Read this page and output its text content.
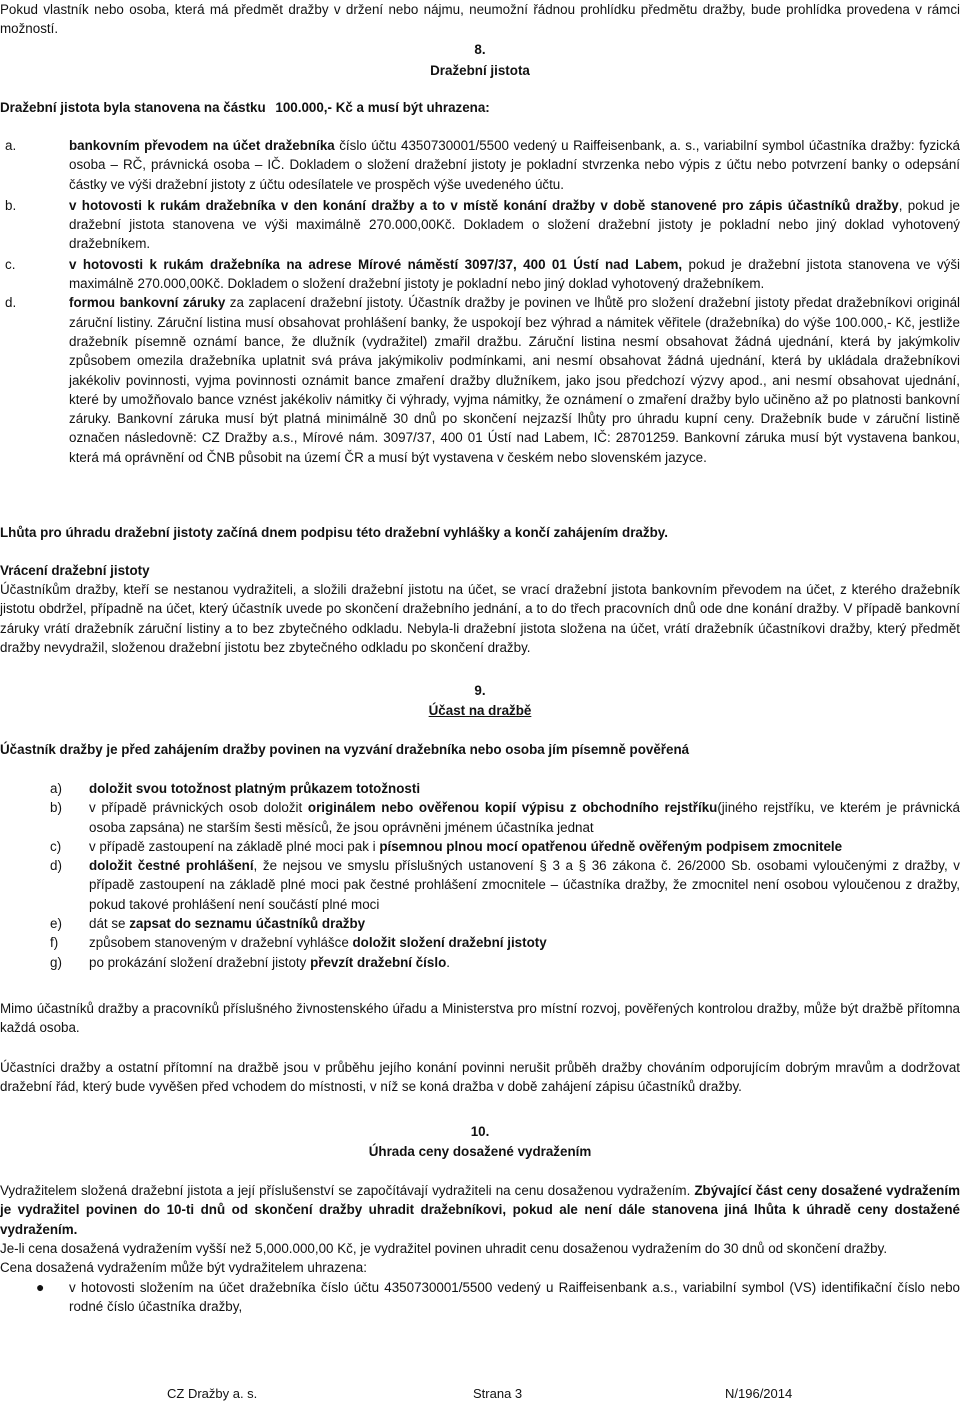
Pokud vlastník nebo osoba, která má předmět dražby v držení nebo nájmu, neumožní řádnou prohlídku předmětu dražby, bude prohlídka provedena v rámci možností.
8.
Dražební jistota
Dražební jistota byla stanovena na částku 100.000,- Kč a musí být uhrazena:
a.	bankovním převodem na účet dražebníka číslo účtu 4350730001/5500 vedený u Raiffeisenbank, a. s., variabilní symbol účastníka dražby: fyzická osoba – RČ, právnická osoba – IČ. Dokladem o složení dražební jistoty je pokladní stvrzenka nebo výpis z účtu nebo potvrzení banky o odepsání částky ve výši dražební jistoty z účtu odesílatele ve prospěch výše uvedeného účtu.
b.	v hotovosti k rukám dražebníka v den konání dražby a to v místě konání dražby v době stanovené pro zápis účastníků dražby, pokud je dražební jistota stanovena ve výši maximálně 270.000,00Kč. Dokladem o složení dražební jistoty je pokladní nebo jiný doklad vyhotovený dražebníkem.
c.	v hotovosti k rukám dražebníka na adrese Mírové náměstí 3097/37, 400 01 Ústí nad Labem, pokud je dražební jistota stanovena ve výši maximálně 270.000,00Kč. Dokladem o složení dražební jistoty je pokladní nebo jiný doklad vyhotovený dražebníkem.
d.	formou bankovní záruky za zaplacení dražební jistoty. Účastník dražby je povinen ve lhůtě pro složení dražební jistoty předat dražebníkovi originál záruční listiny. Záruční listina musí obsahovat prohlášení banky, že uspokojí bez výhrad a námitek věřitele (dražebníka) do výše 100.000,- Kč, jestliže dražebník písemně oznámí bance, že dlužník (vydražitel) zmařil dražbu. Záruční listina nesmí obsahovat žádná ujednání, která by jakýmkoliv způsobem omezila dražebníka uplatnit svá práva jakýmikoliv podmínkami, ani nesmí obsahovat žádná ujednání, která by ukládala dražebníkovi jakékoliv povinnosti, vyjma povinnosti oznámit bance zmaření dražby dlužníkem, jako jsou předchozí výzvy apod., ani nesmí obsahovat ujednání, které by umožňovalo bance vznést jakékoliv námitky či výhrady, vyjma námitky, že oznámení o zmaření dražby bylo učiněno až po platnosti bankovní záruky. Bankovní záruka musí být platná minimálně 30 dnů po skončení nejzazší lhůty pro úhradu kupní ceny. Dražebník bude v záruční listině označen následovně: CZ Dražby a.s., Mírové nám. 3097/37, 400 01 Ústí nad Labem, IČ: 28701259. Bankovní záruka musí být vystavena bankou, která má oprávnění od ČNB působit na území ČR a musí být vystavena v českém nebo slovenském jazyce.
Lhůta pro úhradu dražební jistoty začíná dnem podpisu této dražební vyhlášky a končí zahájením dražby.
Vrácení dražební jistoty
Účastníkům dražby, kteří se nestanou vydražiteli, a složili dražební jistotu na účet, se vrací dražební jistota bankovním převodem na účet, z kterého dražebník jistotu obdržel, případně na účet, který účastník uvede po skončení dražebního jednání, a to do třech pracovních dnů ode dne konání dražby. V případě bankovní záruky vrátí dražebník záruční listiny a to bez zbytečného odkladu. Nebyla-li dražební jistota složena na účet, vrátí dražebník účastníkovi dražby, který předmět dražby nevydražil, složenou dražební jistotu bez zbytečného odkladu po skončení dražby.
9.
Účast na dražbě
Účastník dražby je před zahájením dražby povinen na vyzvání dražebníka nebo osoba jím písemně pověřená
a) doložit svou totožnost platným průkazem totožnosti
b) v případě právnických osob doložit originálem nebo ověřenou kopií výpisu z obchodního rejstříku(jiného rejstříku, ve kterém je právnická osoba zapsána) ne starším šesti měsíců, že jsou oprávněni jménem účastníka jednat
c) v případě zastoupení na základě plné moci pak i písemnou plnou mocí opatřenou úředně ověřeným podpisem zmocnitele
d) doložit čestné prohlášení, že nejsou ve smyslu příslušných ustanovení § 3 a § 36 zákona č. 26/2000 Sb. osobami vyloučenými z dražby, v případě zastoupení na základě plné moci pak čestné prohlášení zmocnitele – účastníka dražby, že zmocnitel není osobou vyloučenou z dražby, pokud takové prohlášení není součástí plné moci
e) dát se zapsat do seznamu účastníků dražby
f) způsobem stanoveným v dražební vyhlášce doložit složení dražební jistoty
g) po prokázání složení dražební jistoty převzít dražební číslo.
Mimo účastníků dražby a pracovníků příslušného živnostenského úřadu a Ministerstva pro místní rozvoj, pověřených kontrolou dražby, může být dražbě přítomna každá osoba.
Účastníci dražby a ostatní přítomní na dražbě jsou v průběhu jejího konání povinni nerušit průběh dražby chováním odporujícím dobrým mravům a dodržovat dražební řád, který bude vyvěšen před vchodem do místnosti, v níž se koná dražba v době zahájení zápisu účastníků dražby.
10.
Úhrada ceny dosažené vydražením
Vydražitelem složená dražební jistota a její příslušenství se započítávají vydražiteli na cenu dosaženou vydražením. Zbývající část ceny dosažené vydražením je vydražitel povinen do 10-ti dnů od skončení dražby uhradit dražebníkovi, pokud ale není dále stanovena jiná lhůta k úhradě ceny dostažené vydražením.
Je-li cena dosažená vydražením vyšší než 5,000.000,00 Kč, je vydražitel povinen uhradit cenu dosaženou vydražením do 30 dnů od skončení dražby.
Cena dosažená vydražením může být vydražitelem uhrazena:
● v hotovosti složením na účet dražebníka číslo účtu 4350730001/5500 vedený u Raiffeisenbank a.s., variabilní symbol (VS) identifikační číslo nebo rodné číslo účastníka dražby,
CZ Dražby a. s.	Strana 3	N/196/2014
